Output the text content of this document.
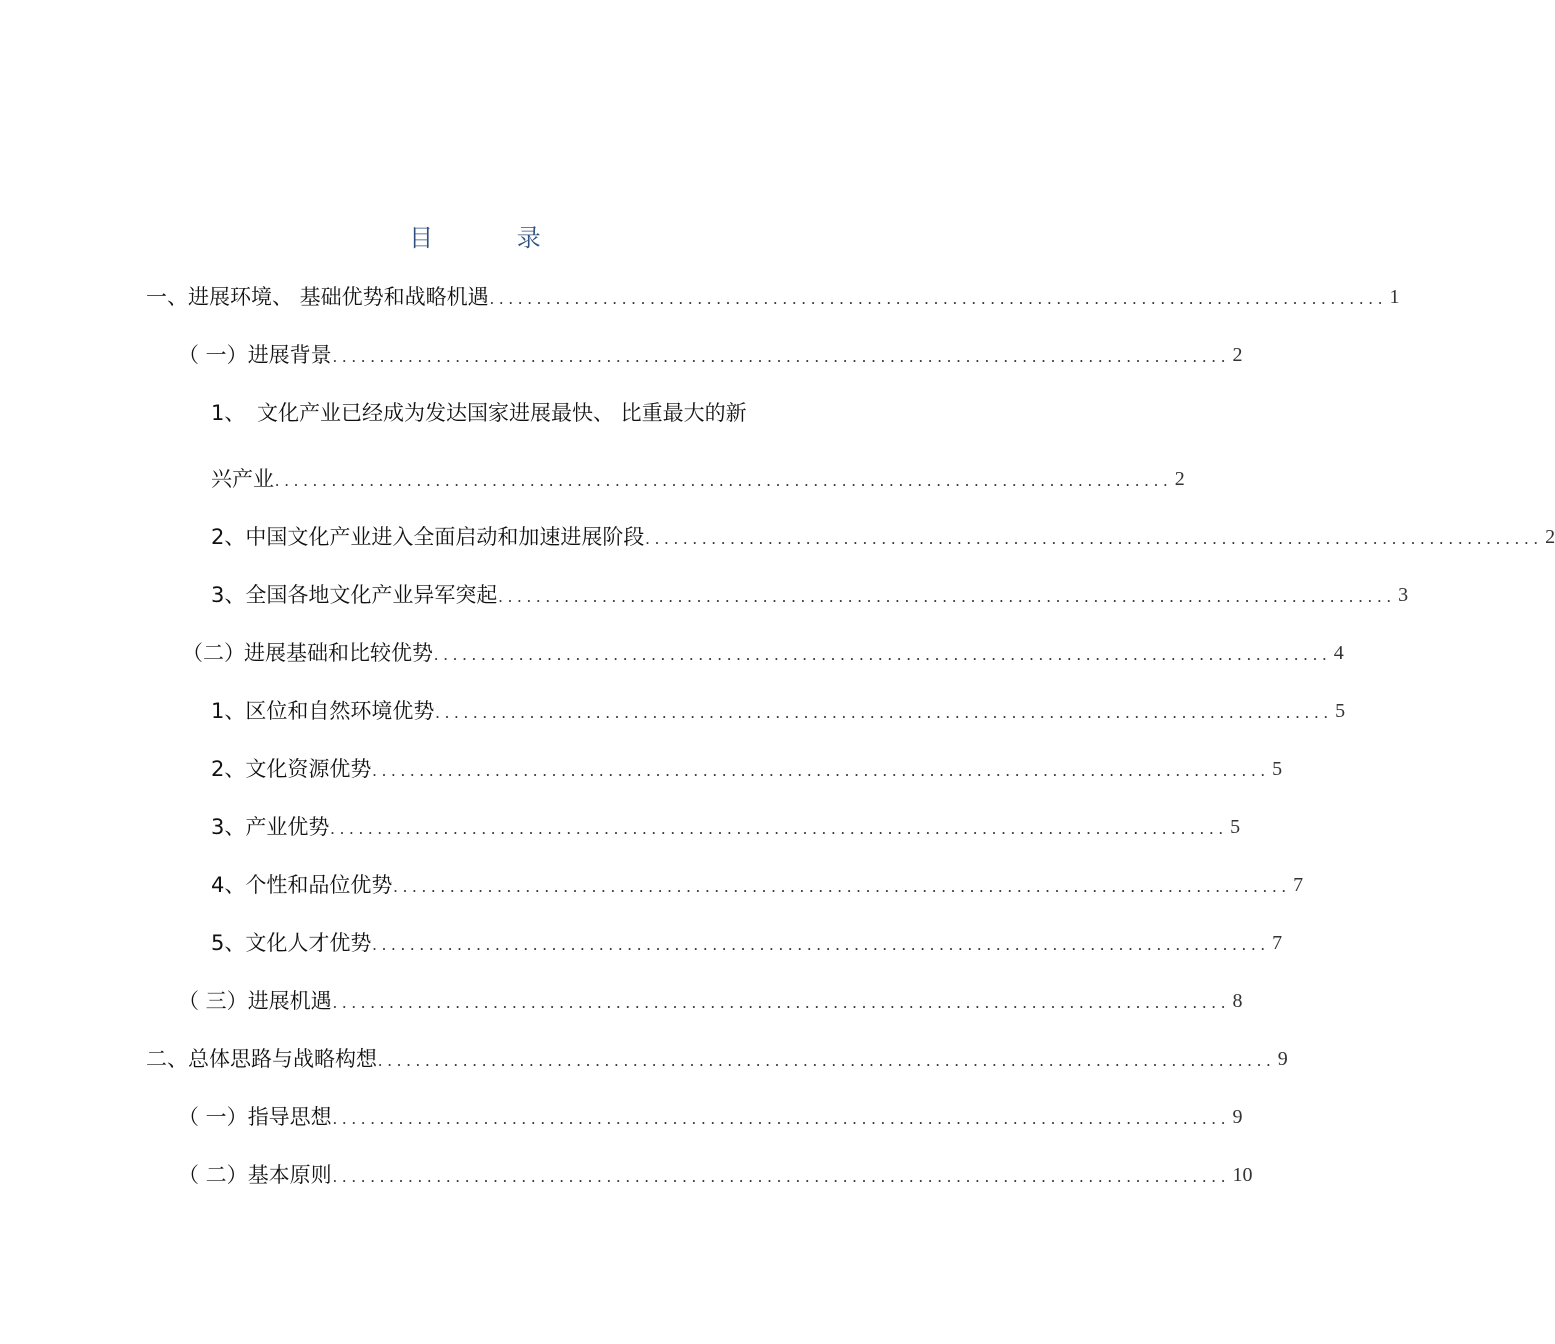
目 录
一、 进展环境、 基础优势和战略机遇 ............................................................................................... 1
（ 一） 进展背景 ............................................................................................... 2
1、 文化产业已经成为发达国家进展最快、 比重最大的新
兴产业 ............................................................................................... 2
2、 中国文化产业进入全面启动和加速进展阶段 ............................................................................................... 2
3、 全国各地文化产业异军突起 ............................................................................................... 3
（二） 进展基础和比较优势 ............................................................................................... 4
1、 区位和自然环境优势 ............................................................................................... 5
2、 文化资源优势 ............................................................................................... 5
3、 产业优势 ............................................................................................... 5
4、 个性和品位优势 ............................................................................................... 7
5、 文化人才优势 ............................................................................................... 7
（ 三） 进展机遇 ............................................................................................... 8
二、 总体思路与战略构想 ............................................................................................... 9
（ 一） 指导思想 ............................................................................................... 9
（ 二） 基本原则 ............................................................................................... 10
